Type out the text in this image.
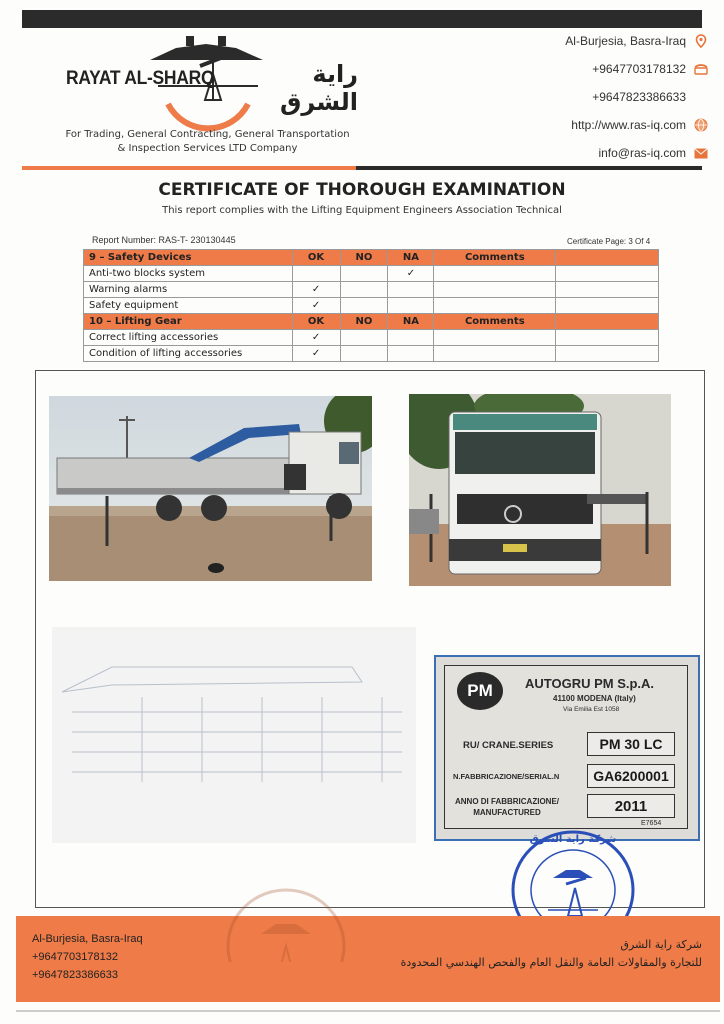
RAYAT AL-SHARQ	راية الشرق
For Trading, General Contracting, General Transportation
& Inspection Services LTD Company
Al-Burjesia, Basra-Iraq
+9647703178132
+9647823386633
http://www.ras-iq.com
info@ras-iq.com
CERTIFICATE OF THOROUGH EXAMINATION
This report complies with the Lifting Equipment Engineers Association Technical
Report Number: RAS-T- 230130445	Certificate Page: 3 Of 4
9 – Safety Devices	OK	NO	NA	Comments	
Anti-two blocks system			✓		
Warning alarms	✓				
Safety equipment	✓				
10 – Lifting Gear	OK	NO	NA	Comments	
Correct lifting accessories	✓				
Condition of lifting accessories	✓				
PM	AUTOGRU PM S.p.A.
41100 MODENA (Italy)
Via Emilia Est 1058
RU/ CRANE.SERIES	PM 30 LC
N.FABBRICAZIONE/SERIAL.N	GA6200001
ANNO DI FABBRICAZIONE/
MANUFACTURED	2011
E7654
شركة راية الشرق
Al-Burjesia, Basra-Iraq
+9647703178132
+9647823386633
شركة راية الشرق
للتجارة والمقاولات العامة والنقل العام والفحص الهندسي المحدودة
